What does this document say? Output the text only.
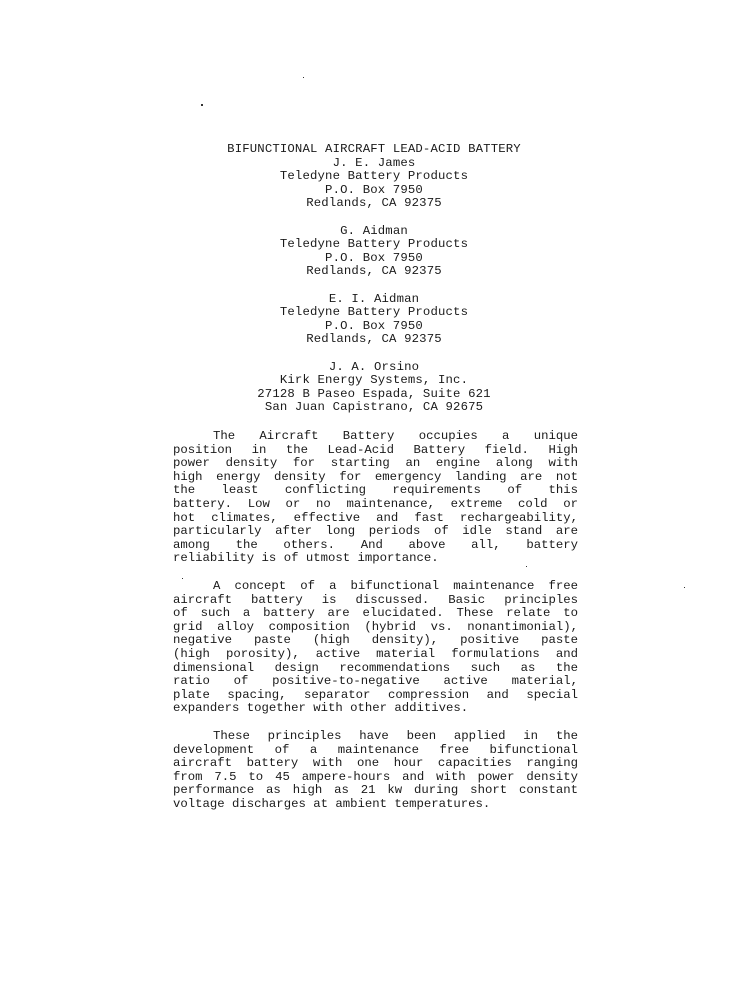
BIFUNCTIONAL AIRCRAFT LEAD-ACID BATTERY
J. E. James
Teledyne Battery Products
P.O. Box 7950
Redlands, CA 92375
G. Aidman
Teledyne Battery Products
P.O. Box 7950
Redlands, CA 92375
E. I. Aidman
Teledyne Battery Products
P.O. Box 7950
Redlands, CA 92375
J. A. Orsino
Kirk Energy Systems, Inc.
27128 B Paseo Espada, Suite 621
San Juan Capistrano, CA 92675
The Aircraft Battery occupies a unique
position in the Lead-Acid Battery field. High
power density for starting an engine along with
high energy density for emergency landing are not
the least conflicting requirements of this
battery. Low or no maintenance, extreme cold or
hot climates, effective and fast rechargeability,
particularly after long periods of idle stand are
among the others. And above all, battery
reliability is of utmost importance.
A concept of a bifunctional maintenance free
aircraft battery is discussed. Basic principles
of such a battery are elucidated. These relate to
grid alloy composition (hybrid vs. nonantimonial),
negative paste (high density), positive paste
(high porosity), active material formulations and
dimensional design recommendations such as the
ratio of positive-to-negative active material,
plate spacing, separator compression and special
expanders together with other additives.
These principles have been applied in the
development of a maintenance free bifunctional
aircraft battery with one hour capacities ranging
from 7.5 to 45 ampere-hours and with power density
performance as high as 21 kw during short constant
voltage discharges at ambient temperatures.
